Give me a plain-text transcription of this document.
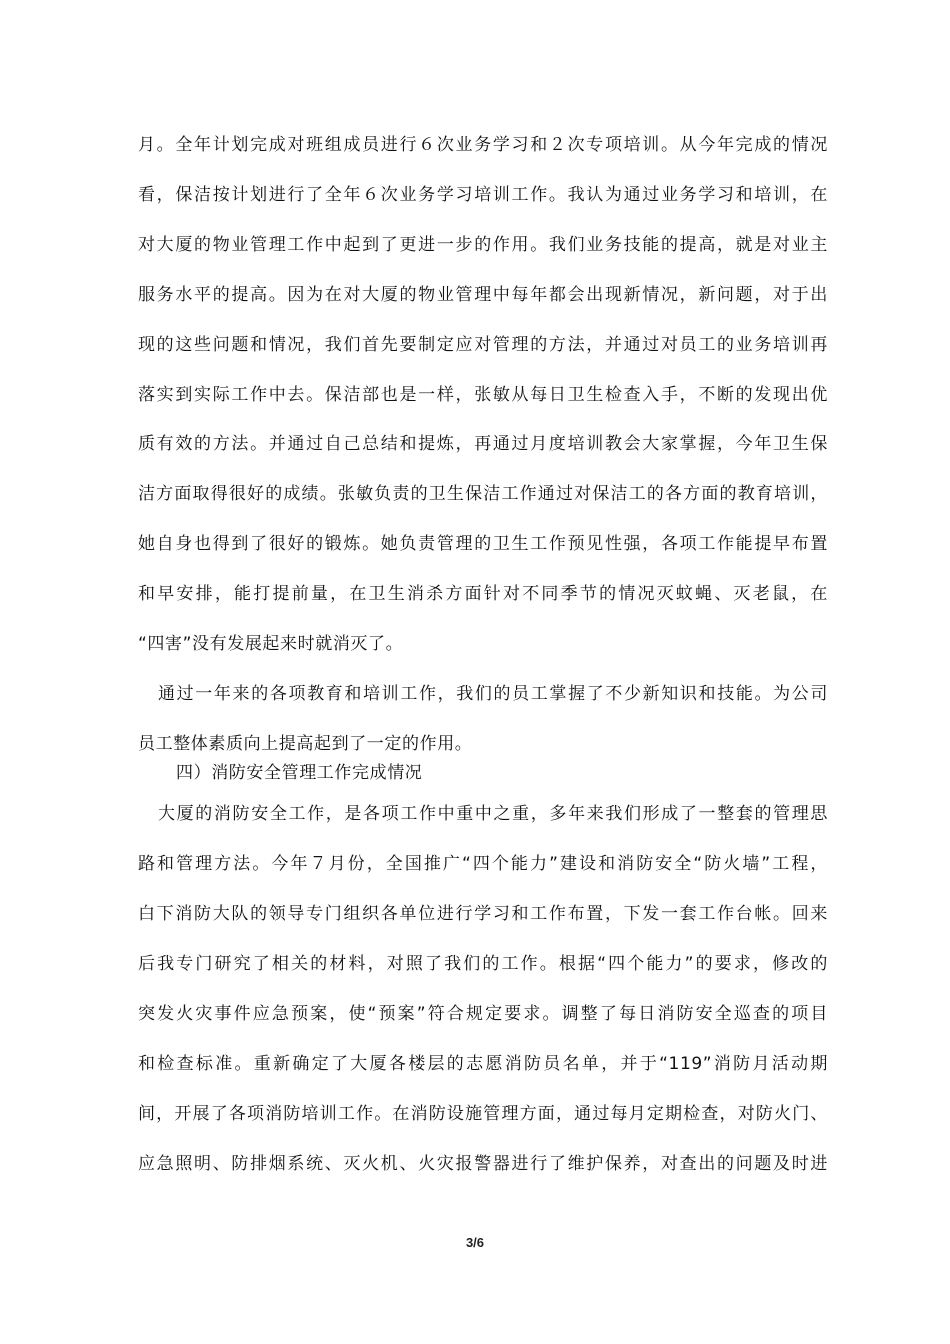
月。全年计划完成对班组成员进行６次业务学习和２次专项培训。从今年完成的情况
看，保洁按计划进行了全年６次业务学习培训工作。我认为通过业务学习和培训，在
对大厦的物业管理工作中起到了更进一步的作用。我们业务技能的提高，就是对业主
服务水平的提高。因为在对大厦的物业管理中每年都会出现新情况，新问题，对于出
现的这些问题和情况，我们首先要制定应对管理的方法，并通过对员工的业务培训再
落实到实际工作中去。保洁部也是一样，张敏从每日卫生检查入手，不断的发现出优
质有效的方法。并通过自己总结和提炼，再通过月度培训教会大家掌握，今年卫生保
洁方面取得很好的成绩。张敏负责的卫生保洁工作通过对保洁工的各方面的教育培训，
她自身也得到了很好的锻炼。她负责管理的卫生工作预见性强，各项工作能提早布置
和早安排，能打提前量，在卫生消杀方面针对不同季节的情况灭蚊蝇、灭老鼠，在
“四害”没有发展起来时就消灭了。
通过一年来的各项教育和培训工作，我们的员工掌握了不少新知识和技能。为公司
员工整体素质向上提高起到了一定的作用。
四）消防安全管理工作完成情况
大厦的消防安全工作，是各项工作中重中之重，多年来我们形成了一整套的管理思
路和管理方法。今年７月份，全国推广“四个能力”建设和消防安全“防火墙”工程，
白下消防大队的领导专门组织各单位进行学习和工作布置，下发一套工作台帐。回来
后我专门研究了相关的材料，对照了我们的工作。根据“四个能力”的要求，修改的
突发火灾事件应急预案，使“预案”符合规定要求。调整了每日消防安全巡查的项目
和检查标准。重新确定了大厦各楼层的志愿消防员名单，并于“119”消防月活动期
间，开展了各项消防培训工作。在消防设施管理方面，通过每月定期检查，对防火门、
应急照明、防排烟系统、灭火机、火灾报警器进行了维护保养，对查出的问题及时进
3/6
